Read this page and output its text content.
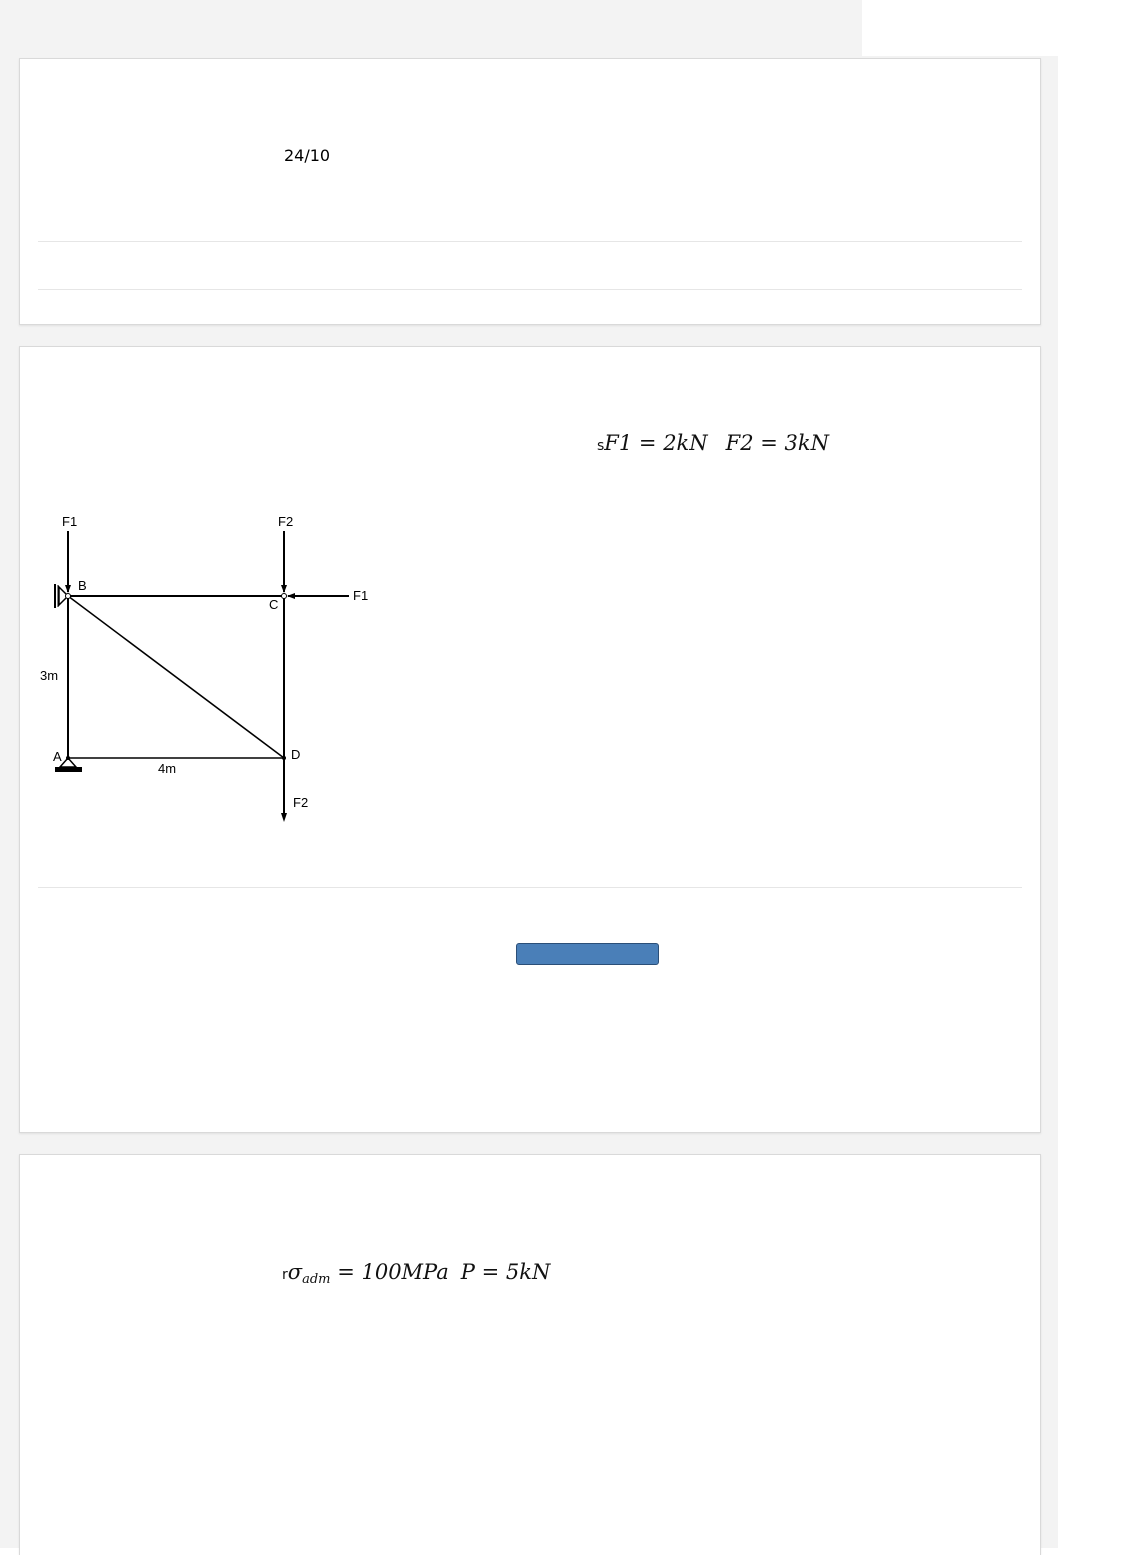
24/10
sF1 = 2kN F2 = 3kN
F1	F2
F1
F2
B
C
D
A
3m
4m
rσadm = 100MPa P = 5kN
